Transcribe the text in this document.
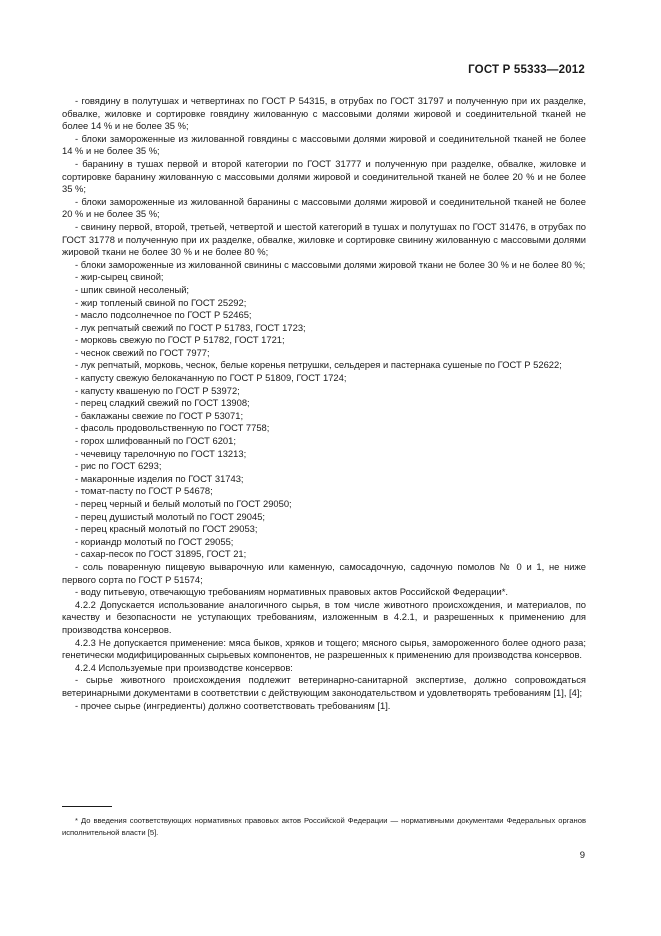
ГОСТ Р 55333—2012

- говядину в полутушах и четвертинах по ГОСТ Р 54315, в отрубах по ГОСТ 31797 и полученную при их разделке, обвалке, жиловке и сортировке говядину жилованную с массовыми долями жировой и соединительной тканей не более 14 % и не более 35 %;

- блоки замороженные из жилованной говядины с массовыми долями жировой и соединительной тканей не более 14 % и не более 35 %;

- баранину в тушах первой и второй категории по ГОСТ 31777 и полученную при разделке, обвалке, жиловке и сортировке баранину жилованную с массовыми долями жировой и соединительной тканей не более 20 % и не более 35 %;

- блоки замороженные из жилованной баранины с массовыми долями жировой и соединительной тканей не более 20 % и не более 35 %;

- свинину первой, второй, третьей, четвертой и шестой категорий в тушах и полутушах по ГОСТ 31476, в отрубах по ГОСТ 31778 и полученную при их разделке, обвалке, жиловке и сортировке свинину жилованную с массовыми долями жировой ткани не более 30 % и не более 80 %;

- блоки замороженные из жилованной свинины с массовыми долями жировой ткани не более 30 % и не более 80 %;

- жир-сырец свиной;

- шпик свиной несоленый;

- жир топленый свиной по ГОСТ 25292;

- масло подсолнечное по ГОСТ Р 52465;

- лук репчатый свежий по ГОСТ Р 51783, ГОСТ 1723;

- морковь свежую по ГОСТ Р 51782, ГОСТ 1721;

- чеснок свежий по ГОСТ 7977;

- лук репчатый, морковь, чеснок, белые коренья петрушки, сельдерея и пастернака сушеные по ГОСТ Р 52622;

- капусту свежую белокачанную по ГОСТ Р 51809, ГОСТ 1724;

- капусту квашеную по ГОСТ Р 53972;

- перец сладкий свежий по ГОСТ 13908;

- баклажаны свежие по ГОСТ Р 53071;

- фасоль продовольственную по ГОСТ 7758;

- горох шлифованный по ГОСТ 6201;

- чечевицу тарелочную по ГОСТ 13213;

- рис по ГОСТ 6293;

- макаронные изделия по ГОСТ 31743;

- томат-пасту по ГОСТ Р 54678;

- перец черный и белый молотый по ГОСТ 29050;

- перец душистый молотый по ГОСТ 29045;

- перец красный молотый по ГОСТ 29053;

- кориандр молотый по ГОСТ 29055;

- сахар-песок по ГОСТ 31895, ГОСТ 21;

- соль поваренную пищевую выварочную или каменную, самосадочную, садочную помолов № 0 и 1, не ниже первого сорта по ГОСТ Р 51574;

- воду питьевую, отвечающую требованиям нормативных правовых актов Российской Федерации*.

4.2.2 Допускается использование аналогичного сырья, в том числе животного происхождения, и материалов, по качеству и безопасности не уступающих требованиям, изложенным в 4.2.1, и разрешенных к применению для производства консервов.

4.2.3 Не допускается применение: мяса быков, хряков и тощего; мясного сырья, замороженного более одного раза; генетически модифицированных сырьевых компонентов, не разрешенных к применению для производства консервов.

4.2.4 Используемые при производстве консервов:

- сырье животного происхождения подлежит ветеринарно-санитарной экспертизе, должно сопровождаться ветеринарными документами в соответствии с действующим законодательством и удовлетворять требованиям [1], [4];

- прочее сырье (ингредиенты) должно соответствовать требованиям [1].

* До введения соответствующих нормативных правовых актов Российской Федерации — нормативными документами Федеральных органов исполнительной власти [5].

9
